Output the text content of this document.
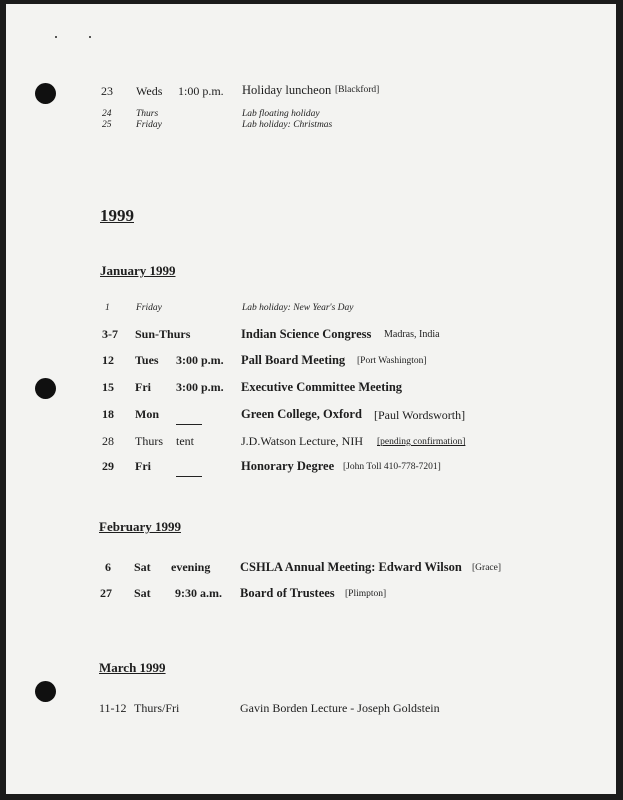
23 Weds 1:00 p.m. Holiday luncheon [Blackford]
24	Thurs	Lab floating holiday
25	Friday	Lab holiday: Christmas
1999
January 1999
1	Friday	Lab holiday: New Year's Day
3-7 Sun-Thurs	Indian Science Congress Madras, India
12 Tues 3:00 p.m. Pall Board Meeting [Port Washington]
15 Fri 3:00 p.m. Executive Committee Meeting
18 Mon	Green College, Oxford [Paul Wordsworth]
28 Thurs tent	J.D.Watson Lecture, NIH [pending confirmation]
29 Fri	Honorary Degree [John Toll 410-778-7201]
February 1999
6 Sat evening CSHLA Annual Meeting: Edward Wilson [Grace]
27 Sat 9:30 a.m. Board of Trustees [Plimpton]
March 1999
11-12 Thurs/Fri	Gavin Borden Lecture - Joseph Goldstein
